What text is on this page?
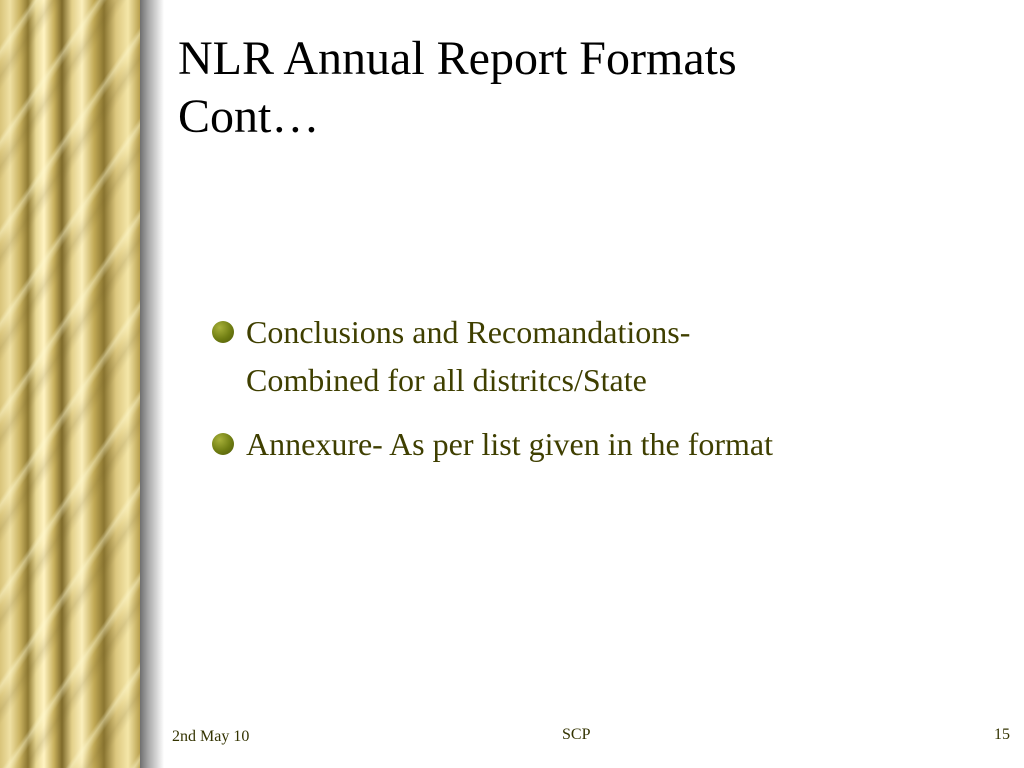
NLR Annual Report Formats
Cont…
Conclusions and Recomandations-
Combined for all distritcs/State
Annexure- As per list given in the format
2nd May 10	SCP	15
